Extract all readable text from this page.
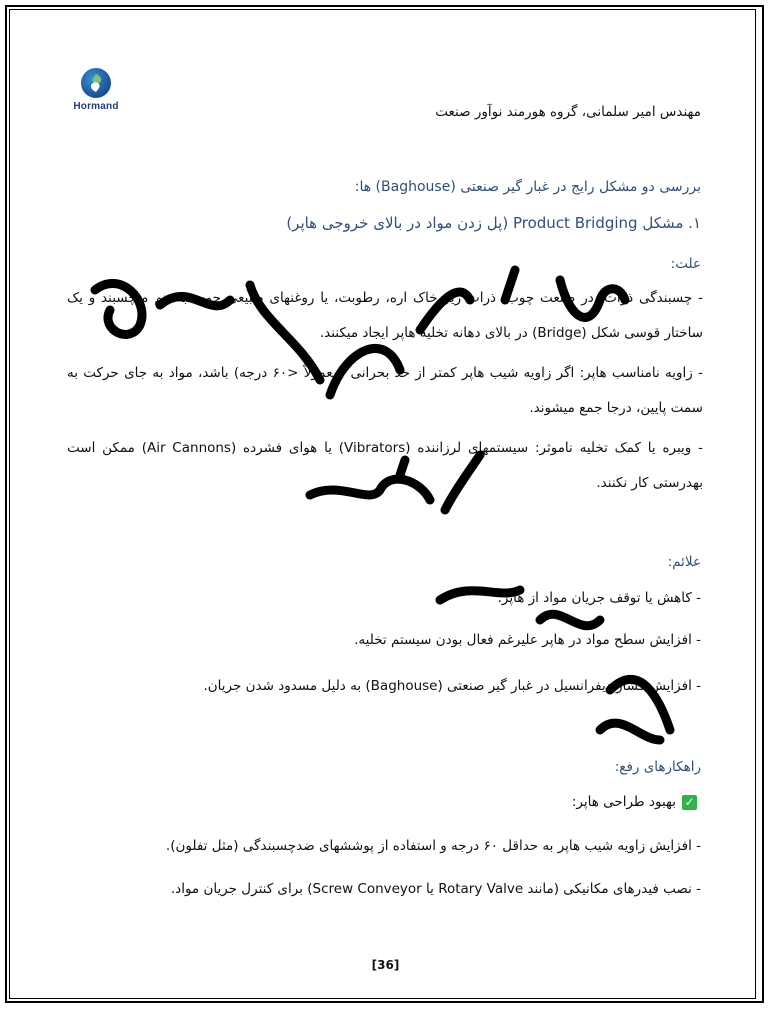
Hormand	مهندس امیر سلمانی، گروه هورمند نوآور صنعت
بررسی دو مشکل رایج در غبار گیر صنعتی (Baghouse) ها:
۱. مشکل Product Bridging (پل زدن مواد در بالای خروجی هاپر)
علت:
- چسبندگی ذرات: در صنعت چوب، ذرات ریز خاک اره، رطوبت، یا روغنهای طبیعی چوب به هم میچسبند و یک ساختار قوسی شکل (Bridge) در بالای دهانه تخلیه هاپر ایجاد میکنند.
- زاویه نامناسب هاپر: اگر زاویه شیب هاپر کمتر از حد بحرانی (معمولاً <۶۰ درجه) باشد، مواد به جای حرکت به سمت پایین، درجا جمع میشوند.
- ویبره یا کمک تخلیه ناموثر: سیستمهای لرزاننده (Vibrators) یا هوای فشرده (Air Cannons) ممکن است بهدرستی کار نکنند.
علائم:
- کاهش یا توقف جریان مواد از هاپر.
- افزایش سطح مواد در هاپر علیرغم فعال بودن سیستم تخلیه.
- افزایش فشار دیفرانسیل در غبار گیر صنعتی (Baghouse) به دلیل مسدود شدن جریان.
راهکارهای رفع:
✓بهبود طراحی هاپر:
- افزایش زاویه شیب هاپر به حداقل ۶۰ درجه و استفاده از پوششهای ضدچسبندگی (مثل تفلون).
- نصب فیدرهای مکانیکی (مانند Rotary Valve یا Screw Conveyor) برای کنترل جریان مواد.
[36]
